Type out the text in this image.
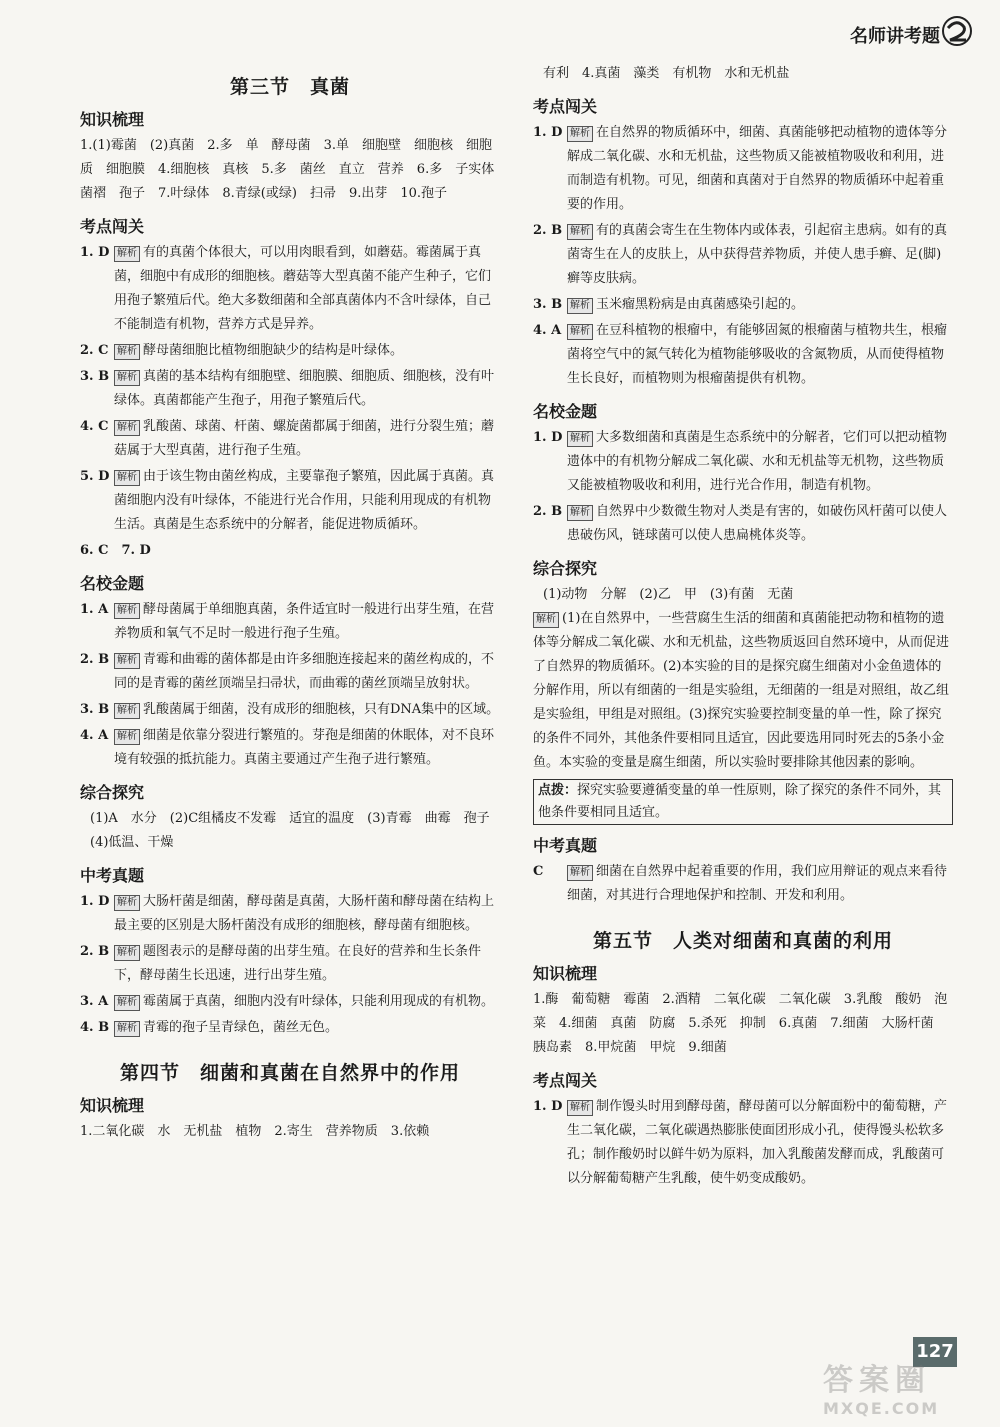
名师讲考题
第三节　真菌
知识梳理

1.(1)霉菌　(2)真菌　2.多　单　酵母菌　3.单　细胞壁　细胞核　细胞质　细胞膜　4.细胞核　真核　5.多　菌丝　直立　营养　6.多　子实体　菌褶　孢子　7.叶绿体　8.青绿(或绿)　扫帚　9.出芽　10.孢子

考点闯关

1. D 解析 有的真菌个体很大，可以用肉眼看到，如蘑菇。霉菌属于真菌，细胞中有成形的细胞核。蘑菇等大型真菌不能产生种子，它们用孢子繁殖后代。绝大多数细菌和全部真菌体内不含叶绿体，自己不能制造有机物，营养方式是异养。

2. C 解析 酵母菌细胞比植物细胞缺少的结构是叶绿体。

3. B 解析 真菌的基本结构有细胞壁、细胞膜、细胞质、细胞核，没有叶绿体。真菌都能产生孢子，用孢子繁殖后代。

4. C 解析 乳酸菌、球菌、杆菌、螺旋菌都属于细菌，进行分裂生殖；蘑菇属于大型真菌，进行孢子生殖。

5. D 解析 由于该生物由菌丝构成，主要靠孢子繁殖，因此属于真菌。真菌细胞内没有叶绿体，不能进行光合作用，只能利用现成的有机物生活。真菌是生态系统中的分解者，能促进物质循环。

6. C　7. D

名校金题

1. A 解析 酵母菌属于单细胞真菌，条件适宜时一般进行出芽生殖，在营养物质和氧气不足时一般进行孢子生殖。

2. B 解析 青霉和曲霉的菌体都是由许多细胞连接起来的菌丝构成的，不同的是青霉的菌丝顶端呈扫帚状，而曲霉的菌丝顶端呈放射状。

3. B 解析 乳酸菌属于细菌，没有成形的细胞核，只有DNA集中的区域。

4. A 解析 细菌是依靠分裂进行繁殖的。芽孢是细菌的休眠体，对不良环境有较强的抵抗能力。真菌主要通过产生孢子进行繁殖。

综合探究

(1)A　水分　(2)C组橘皮不发霉　适宜的温度　(3)青霉　曲霉　孢子　(4)低温、干燥

中考真题

1. D 解析 大肠杆菌是细菌，酵母菌是真菌，大肠杆菌和酵母菌在结构上最主要的区别是大肠杆菌没有成形的细胞核，酵母菌有细胞核。

2. B 解析 题图表示的是酵母菌的出芽生殖。在良好的营养和生长条件下，酵母菌生长迅速，进行出芽生殖。

3. A 解析 霉菌属于真菌，细胞内没有叶绿体，只能利用现成的有机物。

4. B 解析 青霉的孢子呈青绿色，菌丝无色。

第四节　细菌和真菌在自然界中的作用
知识梳理

1.二氧化碳　水　无机盐　植物　2.寄生　营养物质　3.依赖

有利　4.真菌　藻类　有机物　水和无机盐

考点闯关

1. D 解析 在自然界的物质循环中，细菌、真菌能够把动植物的遗体等分解成二氧化碳、水和无机盐，这些物质又能被植物吸收和利用，进而制造有机物。可见，细菌和真菌对于自然界的物质循环中起着重要的作用。

2. B 解析 有的真菌会寄生在生物体内或体表，引起宿主患病。如有的真菌寄生在人的皮肤上，从中获得营养物质，并使人患手癣、足(脚)癣等皮肤病。

3. B 解析 玉米瘤黑粉病是由真菌感染引起的。

4. A 解析 在豆科植物的根瘤中，有能够固氮的根瘤菌与植物共生，根瘤菌将空气中的氮气转化为植物能够吸收的含氮物质，从而使得植物生长良好，而植物则为根瘤菌提供有机物。

名校金题

1. D 解析 大多数细菌和真菌是生态系统中的分解者，它们可以把动植物遗体中的有机物分解成二氧化碳、水和无机盐等无机物，这些物质又能被植物吸收和利用，进行光合作用，制造有机物。

2. B 解析 自然界中少数微生物对人类是有害的，如破伤风杆菌可以使人患破伤风，链球菌可以使人患扁桃体炎等。

综合探究

(1)动物　分解　(2)乙　甲　(3)有菌　无菌

解析 (1)在自然界中，一些营腐生生活的细菌和真菌能把动物和植物的遗体等分解成二氧化碳、水和无机盐，这些物质返回自然环境中，从而促进了自然界的物质循环。(2)本实验的目的是探究腐生细菌对小金鱼遗体的分解作用，所以有细菌的一组是实验组，无细菌的一组是对照组，故乙组是实验组，甲组是对照组。(3)探究实验要控制变量的单一性，除了探究的条件不同外，其他条件要相同且适宜，因此要选用同时死去的5条小金鱼。本实验的变量是腐生细菌，所以实验时要排除其他因素的影响。

点拨：探究实验要遵循变量的单一性原则，除了探究的条件不同外，其他条件要相同且适宜。
中考真题

C	解析 细菌在自然界中起着重要的作用，我们应用辩证的观点来看待细菌，对其进行合理地保护和控制、开发和利用。

第五节　人类对细菌和真菌的利用
知识梳理

1.酶　葡萄糖　霉菌　2.酒精　二氧化碳　二氧化碳　3.乳酸　酸奶　泡菜　4.细菌　真菌　防腐　5.杀死　抑制　6.真菌　7.细菌　大肠杆菌　胰岛素　8.甲烷菌　甲烷　9.细菌

考点闯关

1. D 解析 制作馒头时用到酵母菌，酵母菌可以分解面粉中的葡萄糖，产生二氧化碳，二氧化碳遇热膨胀使面团形成小孔，使得馒头松软多孔；制作酸奶时以鲜牛奶为原料，加入乳酸菌发酵而成，乳酸菌可以分解葡萄糖产生乳酸，使牛奶变成酸奶。

127
答案圈
MXQE.COM
